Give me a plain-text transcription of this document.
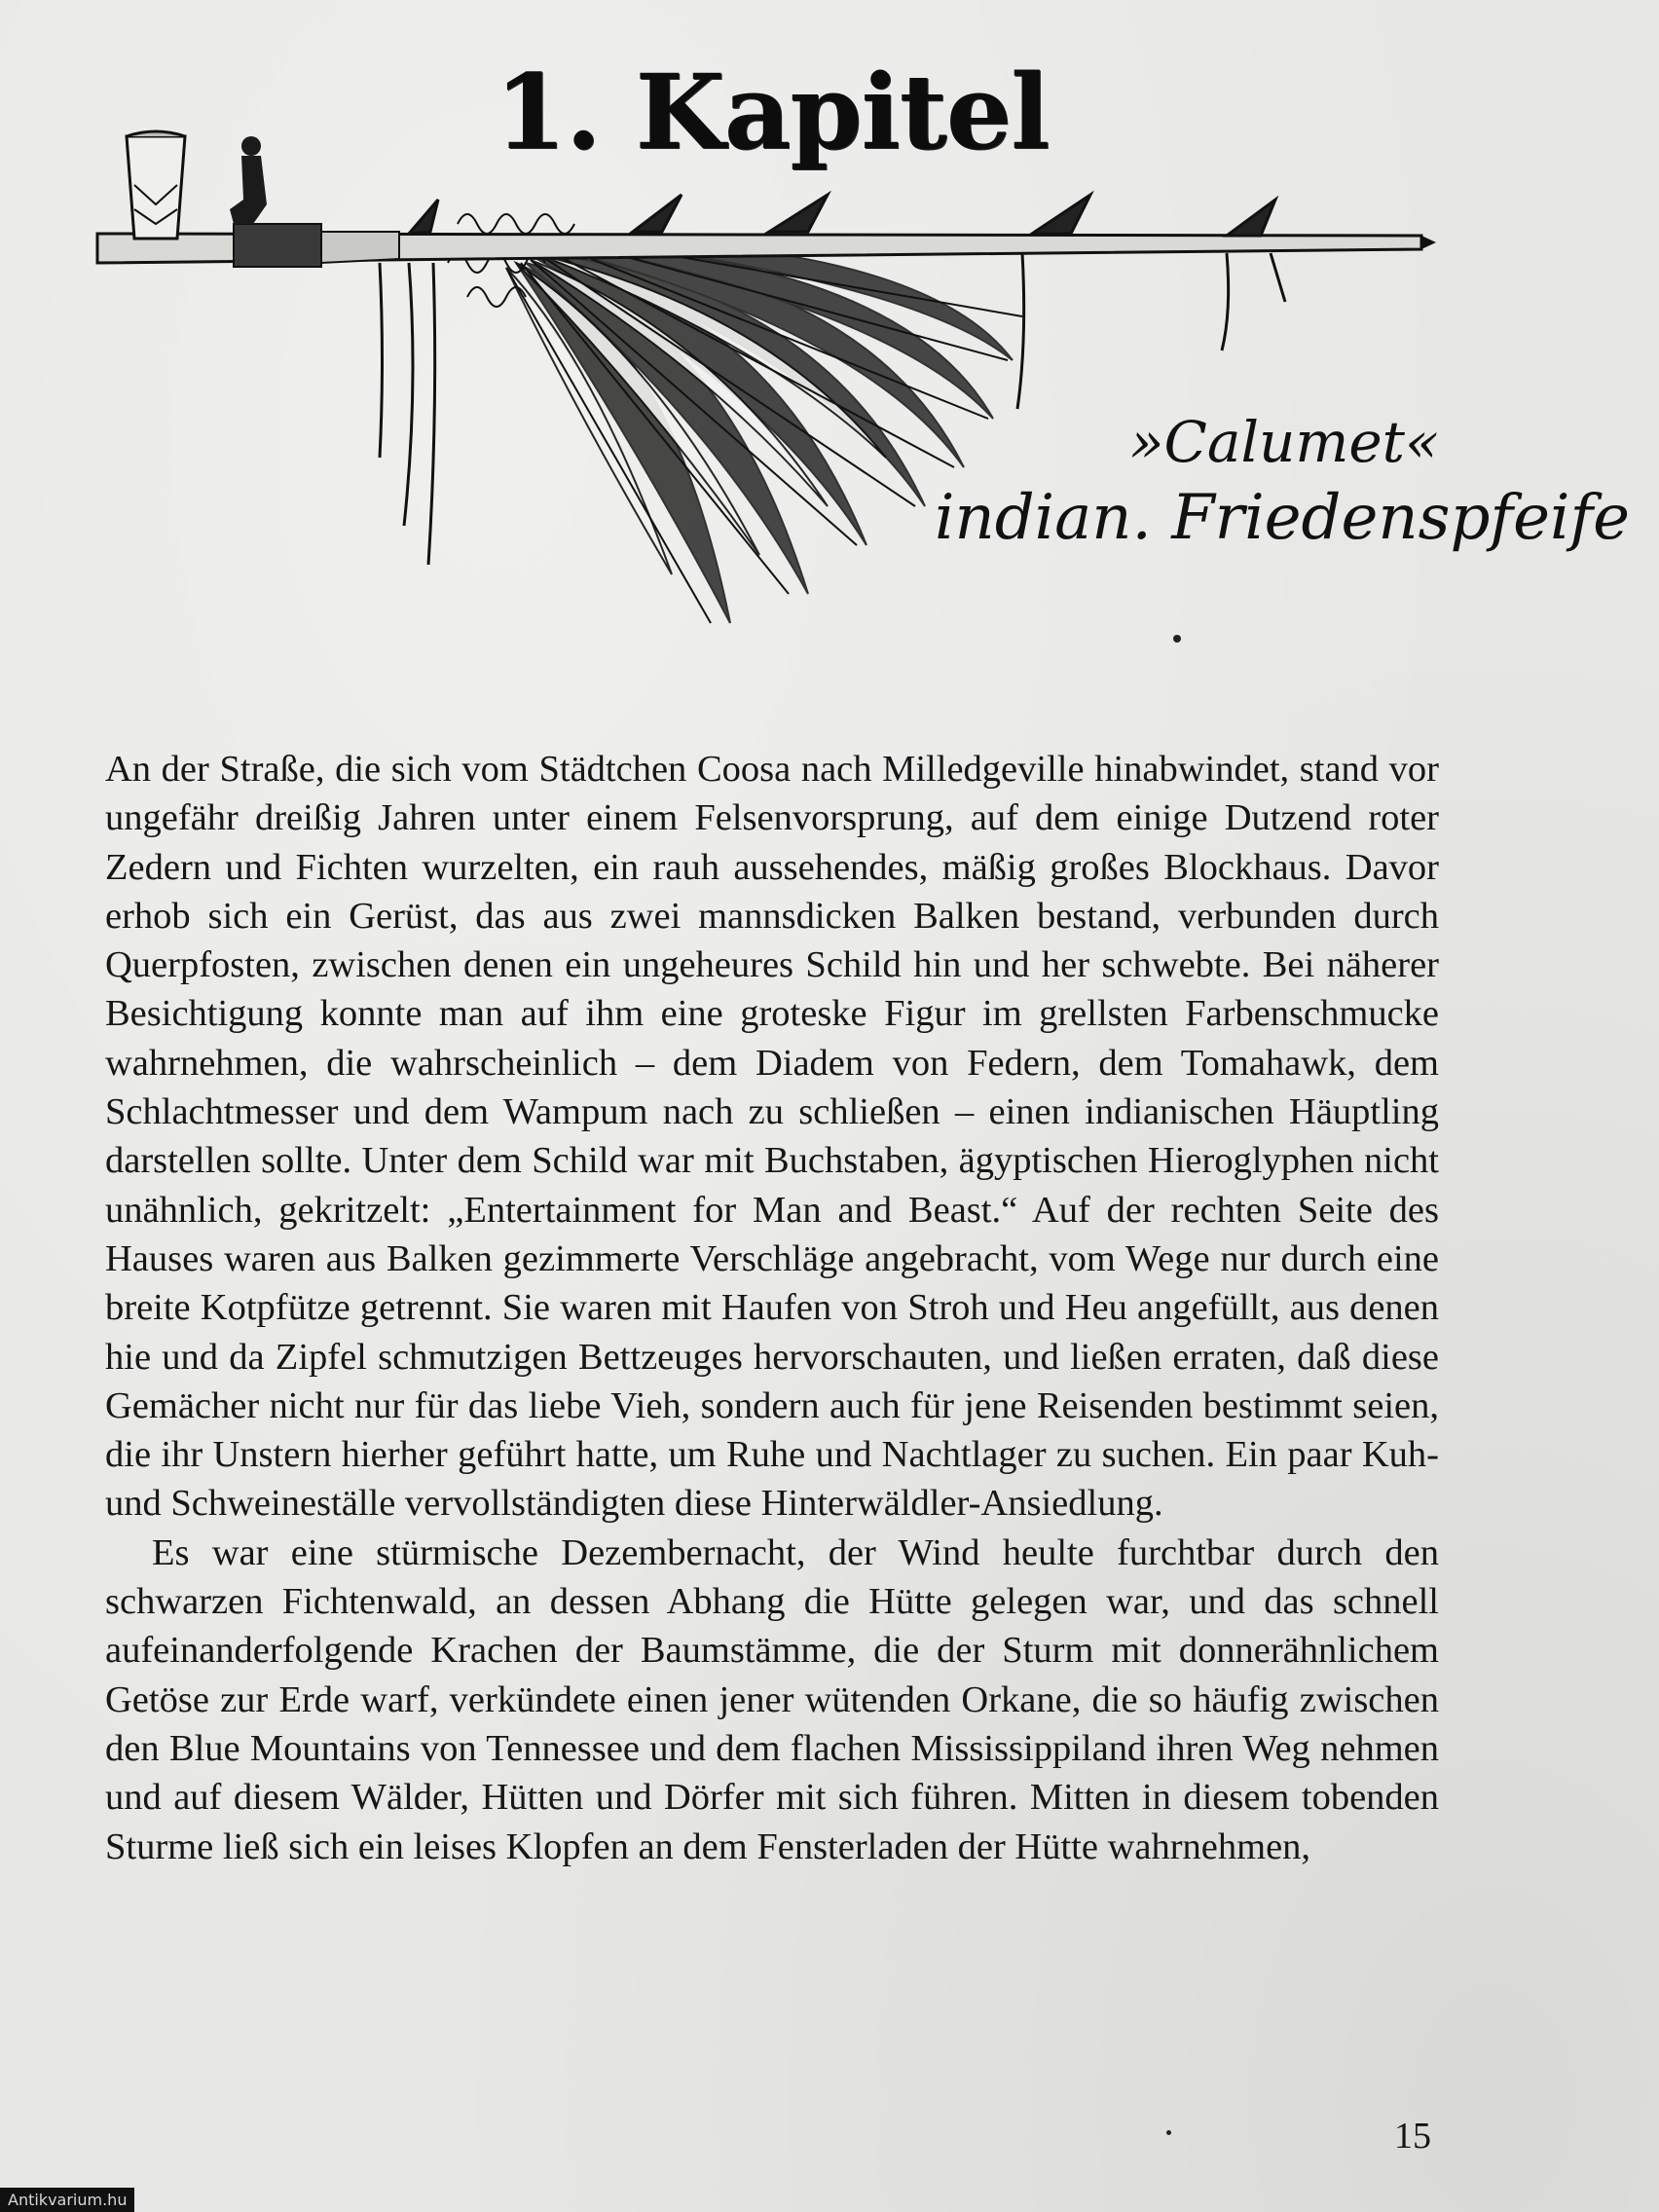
1. Kapitel
»Calumet«
indian. Friedenspfeife

An der Straße, die sich vom Städtchen Coosa nach Milledgeville hinabwindet, stand vor ungefähr dreißig Jahren unter einem Felsenvorsprung, auf dem einige Dutzend roter Zedern und Fichten wurzelten, ein rauh aussehendes, mäßig großes Blockhaus. Davor erhob sich ein Gerüst, das aus zwei mannsdicken Balken bestand, verbunden durch Querpfosten, zwischen denen ein ungeheures Schild hin und her schwebte. Bei näherer Besichtigung konnte man auf ihm eine groteske Figur im grellsten Farbenschmucke wahrnehmen, die wahrscheinlich – dem Diadem von Federn, dem Tomahawk, dem Schlachtmesser und dem Wampum nach zu schließen – einen indianischen Häuptling darstellen sollte. Unter dem Schild war mit Buchstaben, ägyptischen Hieroglyphen nicht unähnlich, gekritzelt: „Entertainment for Man and Beast.“ Auf der rechten Seite des Hauses waren aus Balken gezimmerte Verschläge angebracht, vom Wege nur durch eine breite Kotpfütze getrennt. Sie waren mit Haufen von Stroh und Heu angefüllt, aus denen hie und da Zipfel schmutzigen Bettzeuges hervorschauten, und ließen erraten, daß diese Gemächer nicht nur für das liebe Vieh, sondern auch für jene Reisenden bestimmt seien, die ihr Unstern hierher geführt hatte, um Ruhe und Nachtlager zu suchen. Ein paar Kuh- und Schweineställe vervollständigten diese Hinterwäldler-Ansiedlung.

Es war eine stürmische Dezembernacht, der Wind heulte furchtbar durch den schwarzen Fichtenwald, an dessen Abhang die Hütte gelegen war, und das schnell aufeinanderfolgende Krachen der Baumstämme, die der Sturm mit donnerähnlichem Getöse zur Erde warf, verkündete einen jener wütenden Orkane, die so häufig zwischen den Blue Mountains von Tennessee und dem flachen Mississippiland ihren Weg nehmen und auf diesem Wälder, Hütten und Dörfer mit sich führen. Mitten in diesem tobenden Sturme ließ sich ein leises Klopfen an dem Fensterladen der Hütte wahrnehmen,

15
Antikvarium.hu
